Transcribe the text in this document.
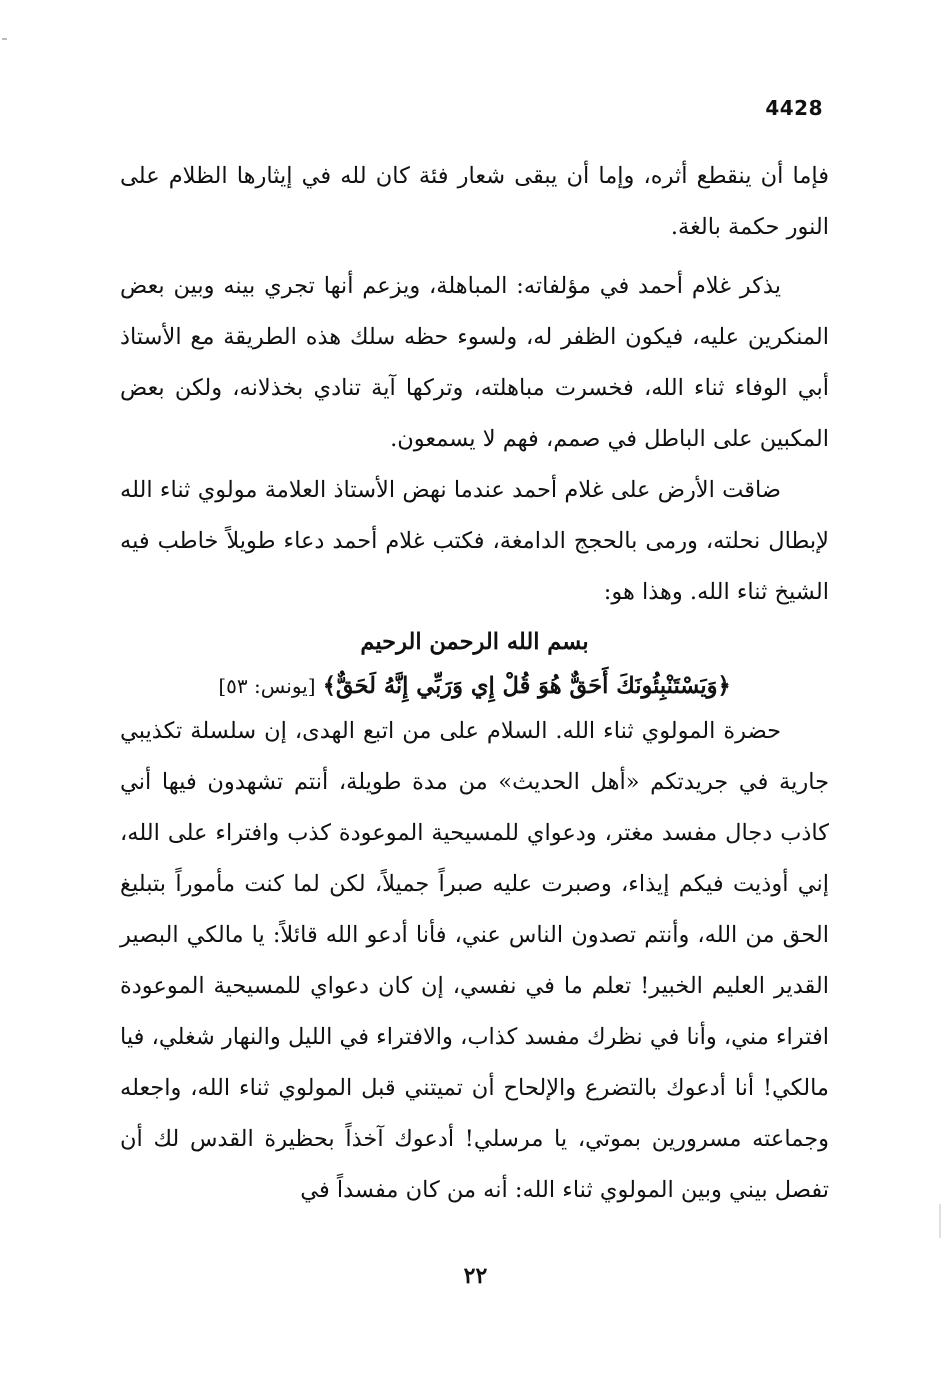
4428

فإما أن ينقطع أثره، وإما أن يبقى شعار فئة كان لله في إيثارها الظلام على النور حكمة بالغة.

يذكر غلام أحمد في مؤلفاته: المباهلة، ويزعم أنها تجري بينه وبين بعض المنكرين عليه، فيكون الظفر له، ولسوء حظه سلك هذه الطريقة مع الأستاذ أبي الوفاء ثناء الله، فخسرت مباهلته، وتركها آية تنادي بخذلانه، ولكن بعض المكبين على الباطل في صمم، فهم لا يسمعون.

ضاقت الأرض على غلام أحمد عندما نهض الأستاذ العلامة مولوي ثناء الله لإبطال نحلته، ورمى بالحجج الدامغة، فكتب غلام أحمد دعاء طويلاً خاطب فيه الشيخ ثناء الله. وهذا هو:

بسم الله الرحمن الرحيم

﴿وَيَسْتَنْبِئُونَكَ أَحَقٌّ هُوَ قُلْ إِي وَرَبِّي إِنَّهُ لَحَقٌّ﴾ [يونس: ٥٣]

حضرة المولوي ثناء الله. السلام على من اتبع الهدى، إن سلسلة تكذيبي جارية في جريدتكم «أهل الحديث» من مدة طويلة، أنتم تشهدون فيها أني كاذب دجال مفسد مغتر، ودعواي للمسيحية الموعودة كذب وافتراء على الله، إني أوذيت فيكم إيذاء، وصبرت عليه صبراً جميلاً، لكن لما كنت مأموراً بتبليغ الحق من الله، وأنتم تصدون الناس عني، فأنا أدعو الله قائلاً: يا مالكي البصير القدير العليم الخبير! تعلم ما في نفسي، إن كان دعواي للمسيحية الموعودة افتراء مني، وأنا في نظرك مفسد كذاب، والافتراء في الليل والنهار شغلي، فيا مالكي! أنا أدعوك بالتضرع والإلحاح أن تميتني قبل المولوي ثناء الله، واجعله وجماعته مسرورين بموتي، يا مرسلي! أدعوك آخذاً بحظيرة القدس لك أن تفصل بيني وبين المولوي ثناء الله: أنه من كان مفسداً في

٢٢
